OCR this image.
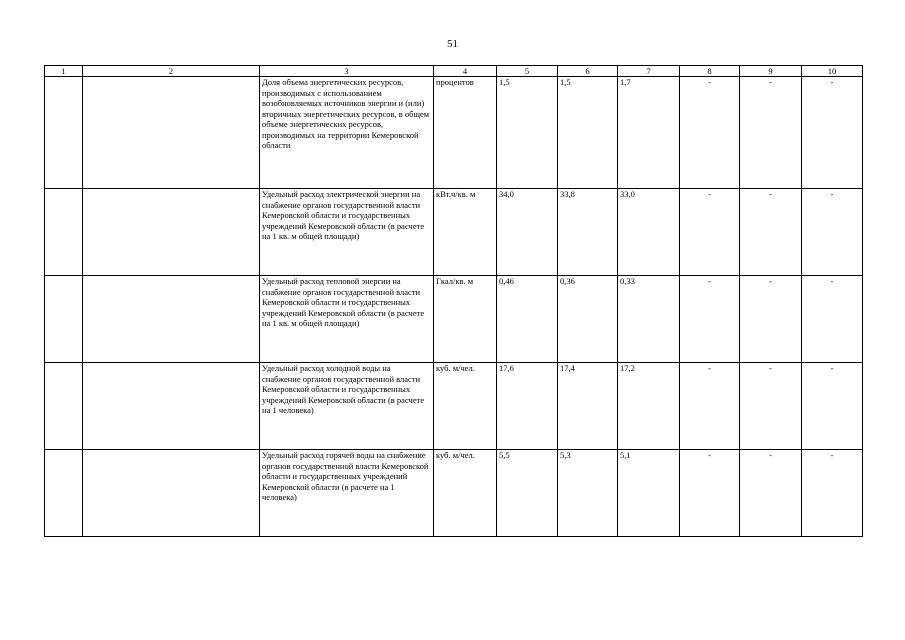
51
1	2	3	4	5	6	7	8	9	10
		Доля объема энергетических ресурсов, производимых с использованием возобновляемых источников энергии и (или) вторичных энергетических ресурсов, в общем объеме энергетических ресурсов, производимых на территории Кемеровской области	процентов	1,5	1,5	1,7	-	-	-
		Удельный расход электрической энергии на снабжение органов государственной власти Кемеровской области и государственных учреждений Кемеровской области (в расчете на 1 кв. м общей площади)	кВт.ч/кв. м	34,0	33,8	33,0	-	-	-
		Удельный расход тепловой энергии на снабжение органов государственной власти Кемеровской области и государственных учреждений Кемеровской области (в расчете на 1 кв. м общей площади)	Гкал/кв. м	0,46	0,36	0,33	-	-	-
		Удельный расход холодной воды на снабжение органов государственной власти Кемеровской области и государственных учреждений Кемеровской области (в расчете на 1 человека)	куб. м/чел.	17,6	17,4	17,2	-	-	-
		Удельный расход горячей воды на снабжение органов государственной власти Кемеровской области и государственных учреждений Кемеровской области (в расчете на 1 человека)	куб. м/чел.	5,5	5,3	5,1	-	-	-
